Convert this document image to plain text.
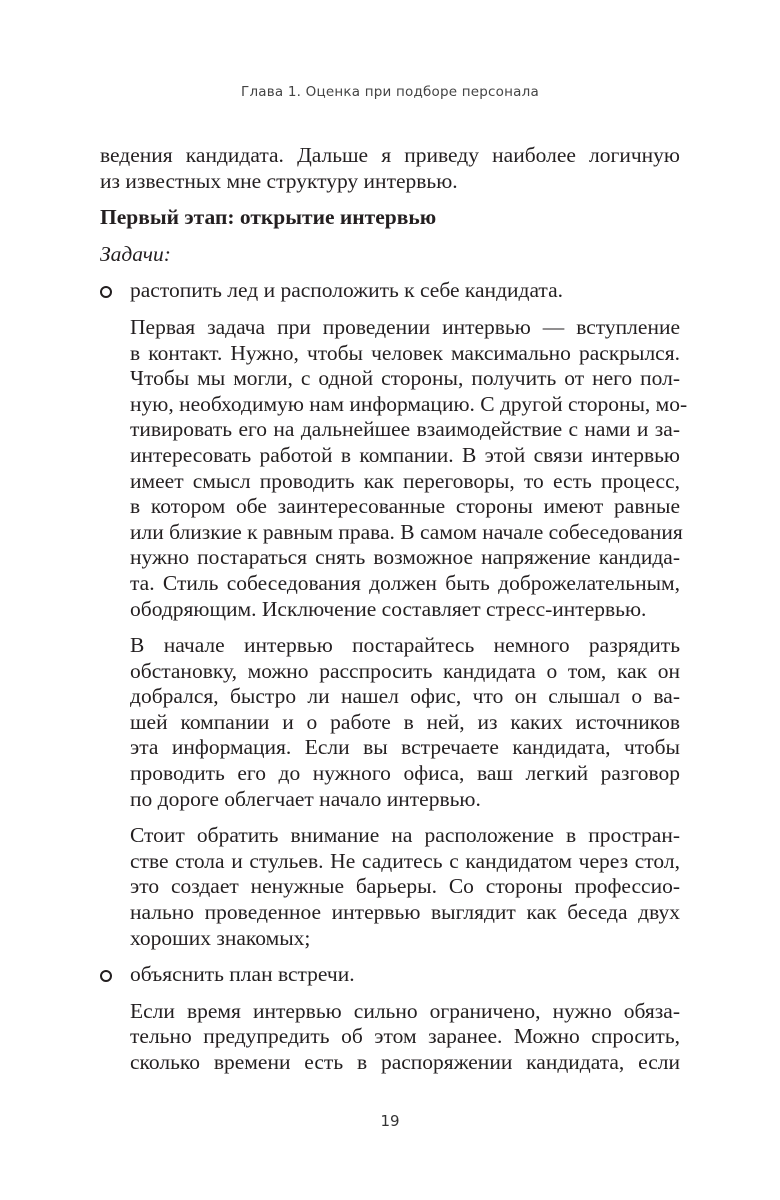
Глава 1. Оценка при подборе персонала
ведения кандидата. Дальше я приведу наиболее логичную
из известных мне структуру интервью.
Первый этап: открытие интервью
Задачи:
растопить лед и расположить к себе кандидата.
Первая задача при проведении интервью — вступление
в контакт. Нужно, чтобы человек максимально раскрылся.
Чтобы мы могли, с одной стороны, получить от него пол-
ную, необходимую нам информацию. С другой стороны, мо-
тивировать его на дальнейшее взаимодействие с нами и за-
интересовать работой в компании. В этой связи интервью
имеет смысл проводить как переговоры, то есть процесс,
в котором обе заинтересованные стороны имеют равные
или близкие к равным права. В самом начале собеседования
нужно постараться снять возможное напряжение кандида-
та. Стиль собеседования должен быть доброжелательным,
ободряющим. Исключение составляет стресс-интервью.
В начале интервью постарайтесь немного разрядить
обстановку, можно расспросить кандидата о том, как он
добрался, быстро ли нашел офис, что он слышал о ва-
шей компании и о работе в ней, из каких источников
эта информация. Если вы встречаете кандидата, чтобы
проводить его до нужного офиса, ваш легкий разговор
по дороге облегчает начало интервью.
Стоит обратить внимание на расположение в простран-
стве стола и стульев. Не садитесь с кандидатом через стол,
это создает ненужные барьеры. Со стороны профессио-
нально проведенное интервью выглядит как беседа двух
хороших знакомых;
объяснить план встречи.
Если время интервью сильно ограничено, нужно обяза-
тельно предупредить об этом заранее. Можно спросить,
сколько времени есть в распоряжении кандидата, если
19
